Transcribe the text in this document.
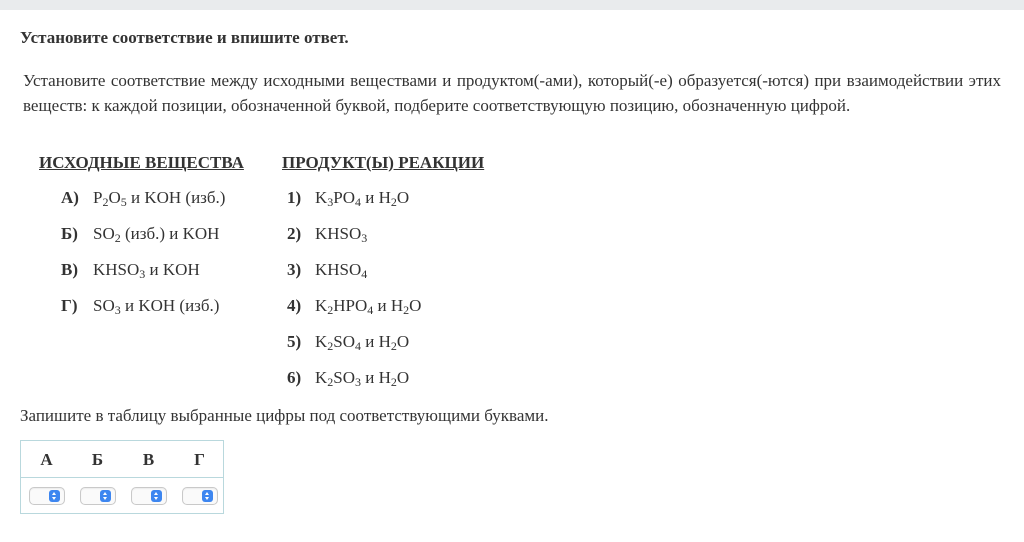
Установите соответствие и впишите ответ.
Установите соответствие между исходными веществами и продуктом(-ами), который(-е) образуется(-ются) при взаимодействии этих веществ: к каждой позиции, обозначенной буквой, подберите соответствующую позицию, обозначенную цифрой.
ИСХОДНЫЕ ВЕЩЕСТВА ПРОДУКТ(Ы) РЕАКЦИИ
А) $P_2O_5$ и KOH (изб.)
Б) $SO_2$ (изб.) и KOH
В) $KHSO_3$ и KOH
Г) $SO_3$ и KOH (изб.)
1) $K_3PO_4$ и $H_2O$
2) $KHSO_3$
3) $KHSO_4$
4) $K_2HPO_4$ и $H_2O$
5) $K_2SO_4$ и $H_2O$
6) $K_2SO_3$ и $H_2O$
Запишите в таблицу выбранные цифры под соответствующими буквами.
А	Б	В	Г
